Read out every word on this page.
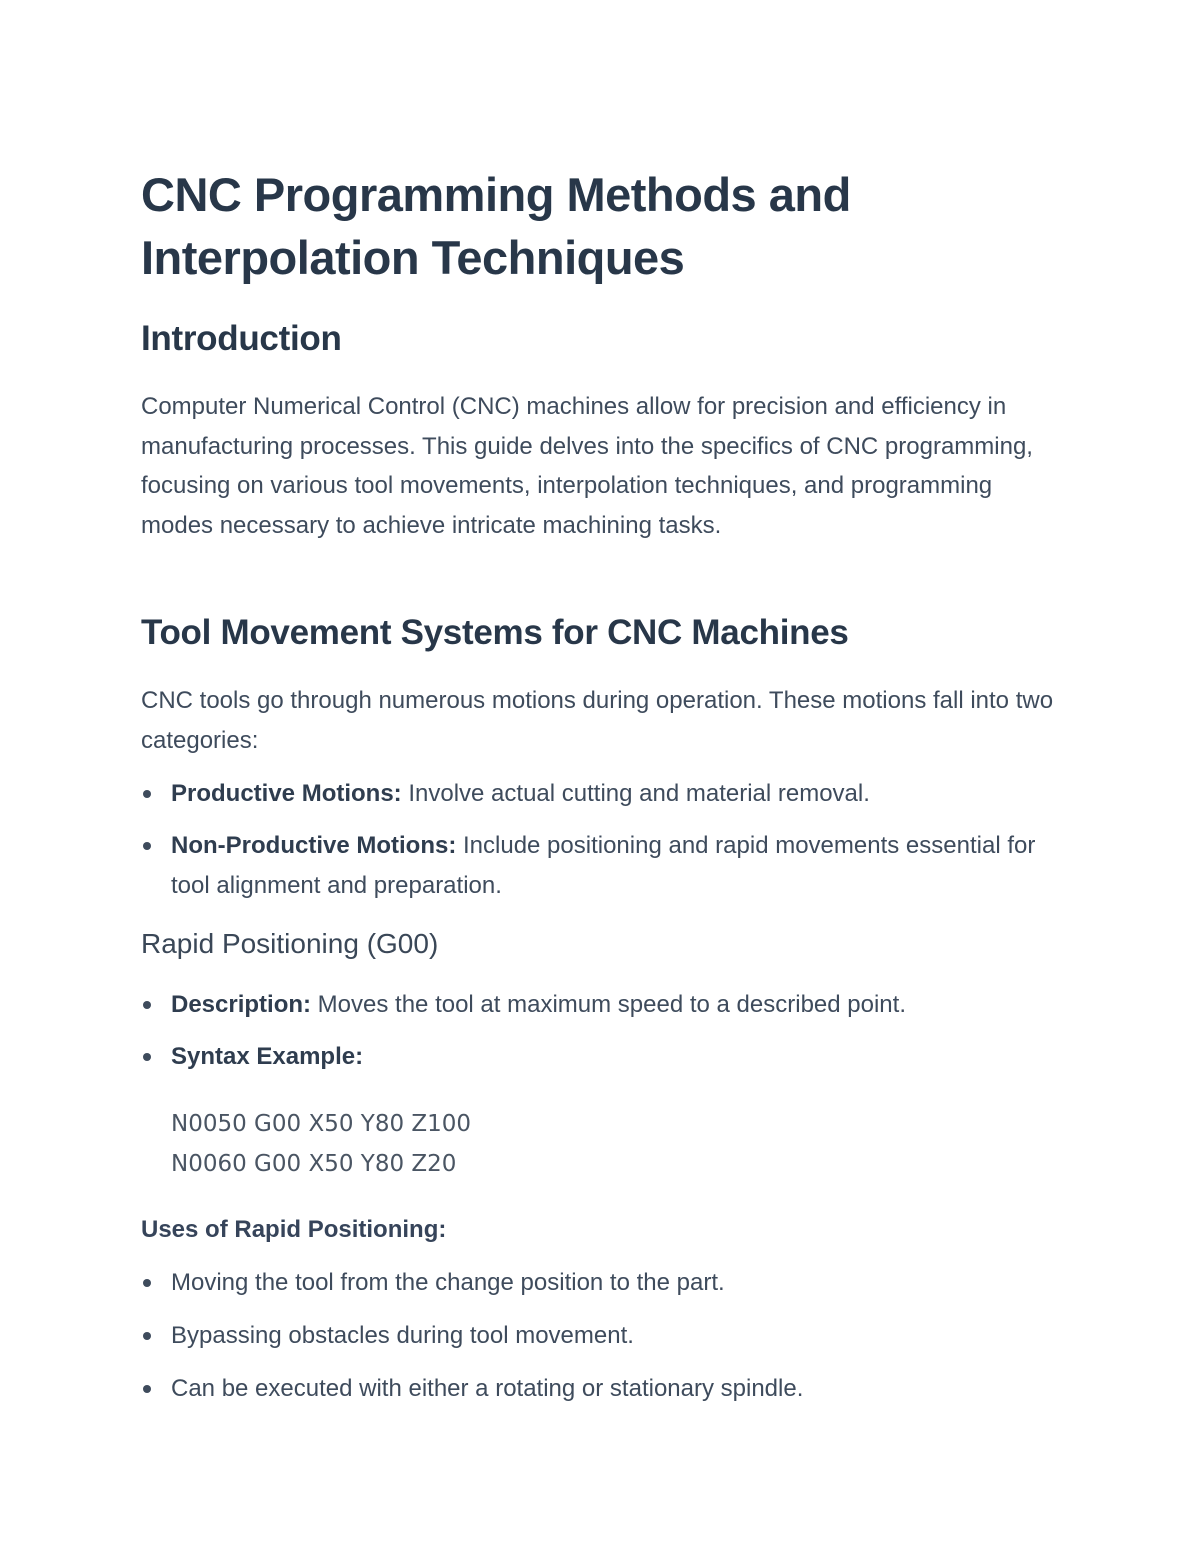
CNC Programming Methods and Interpolation Techniques
Introduction

Computer Numerical Control (CNC) machines allow for precision and efficiency in manufacturing processes. This guide delves into the specifics of CNC programming, focusing on various tool movements, interpolation techniques, and programming modes necessary to achieve intricate machining tasks.

Tool Movement Systems for CNC Machines

CNC tools go through numerous motions during operation. These motions fall into two categories:

Productive Motions: Involve actual cutting and material removal.
Non-Productive Motions: Include positioning and rapid movements essential for tool alignment and preparation.
Rapid Positioning (G00)
Description: Moves the tool at maximum speed to a described point.
Syntax Example:
N0050 G00 X50 Y80 Z100
N0060 G00 X50 Y80 Z20

Uses of Rapid Positioning:

Moving the tool from the change position to the part.
Bypassing obstacles during tool movement.
Can be executed with either a rotating or stationary spindle.
